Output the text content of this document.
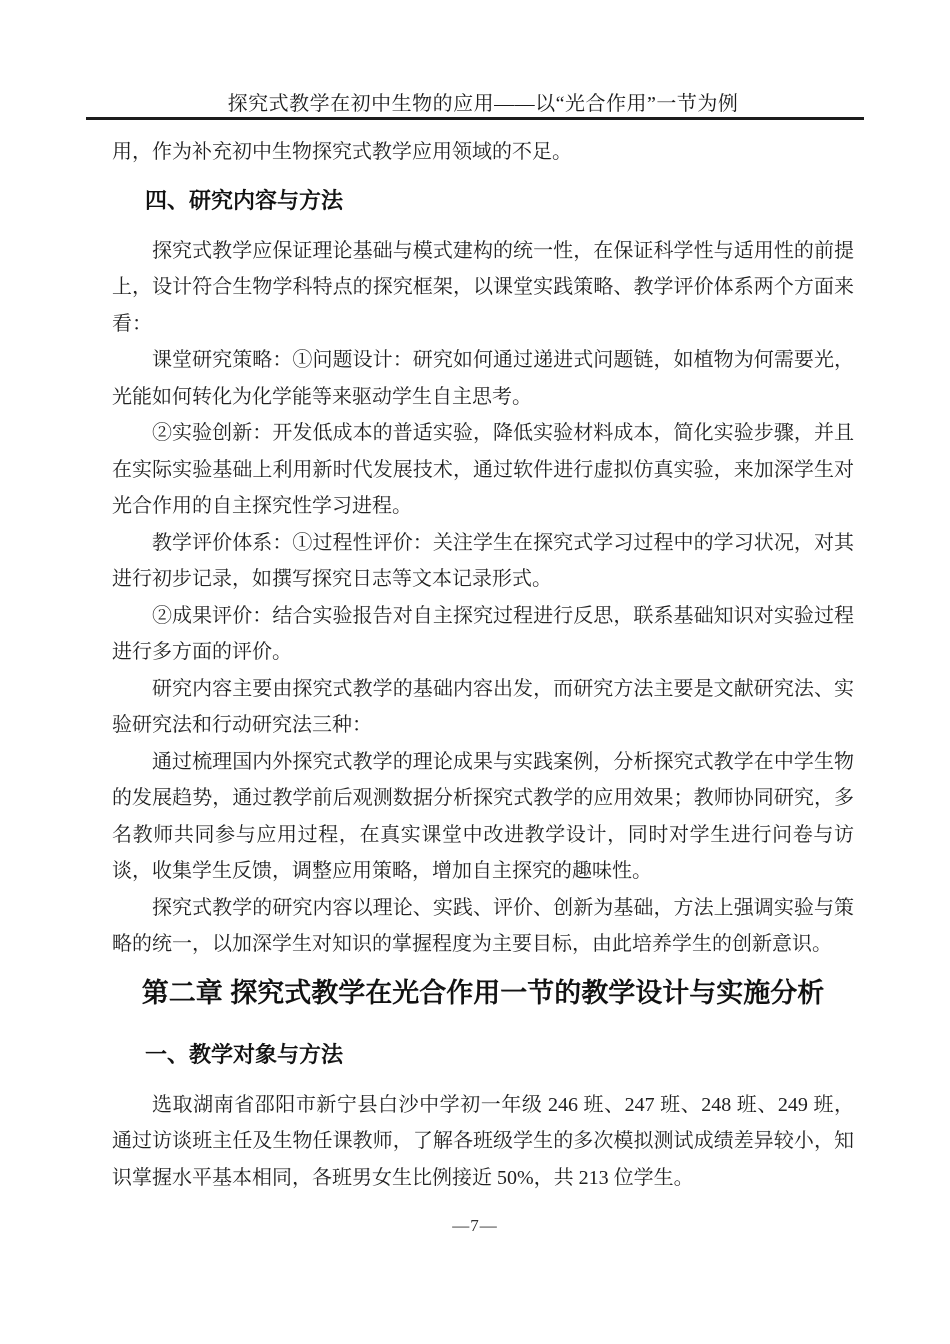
探究式教学在初中生物的应用——以“光合作用”一节为例

用，作为补充初中生物探究式教学应用领域的不足。

四、研究内容与方法

探究式教学应保证理论基础与模式建构的统一性，在保证科学性与适用性的前提上，设计符合生物学科特点的探究框架，以课堂实践策略、教学评价体系两个方面来看：

课堂研究策略：①问题设计：研究如何通过递进式问题链，如植物为何需要光，光能如何转化为化学能等来驱动学生自主思考。

②实验创新：开发低成本的普适实验，降低实验材料成本，简化实验步骤，并且在实际实验基础上利用新时代发展技术，通过软件进行虚拟仿真实验，来加深学生对光合作用的自主探究性学习进程。

教学评价体系：①过程性评价：关注学生在探究式学习过程中的学习状况，对其进行初步记录，如撰写探究日志等文本记录形式。

②成果评价：结合实验报告对自主探究过程进行反思，联系基础知识对实验过程进行多方面的评价。

研究内容主要由探究式教学的基础内容出发，而研究方法主要是文献研究法、实验研究法和行动研究法三种：

通过梳理国内外探究式教学的理论成果与实践案例，分析探究式教学在中学生物的发展趋势，通过教学前后观测数据分析探究式教学的应用效果；教师协同研究，多名教师共同参与应用过程，在真实课堂中改进教学设计，同时对学生进行问卷与访谈，收集学生反馈，调整应用策略，增加自主探究的趣味性。

探究式教学的研究内容以理论、实践、评价、创新为基础，方法上强调实验与策略的统一，以加深学生对知识的掌握程度为主要目标，由此培养学生的创新意识。

第二章 探究式教学在光合作用一节的教学设计与实施分析
一、教学对象与方法

选取湖南省邵阳市新宁县白沙中学初一年级 246 班、247 班、248 班、249 班，通过访谈班主任及生物任课教师，了解各班级学生的多次模拟测试成绩差异较小，知识掌握水平基本相同，各班男女生比例接近 50%，共 213 位学生。

—7—
